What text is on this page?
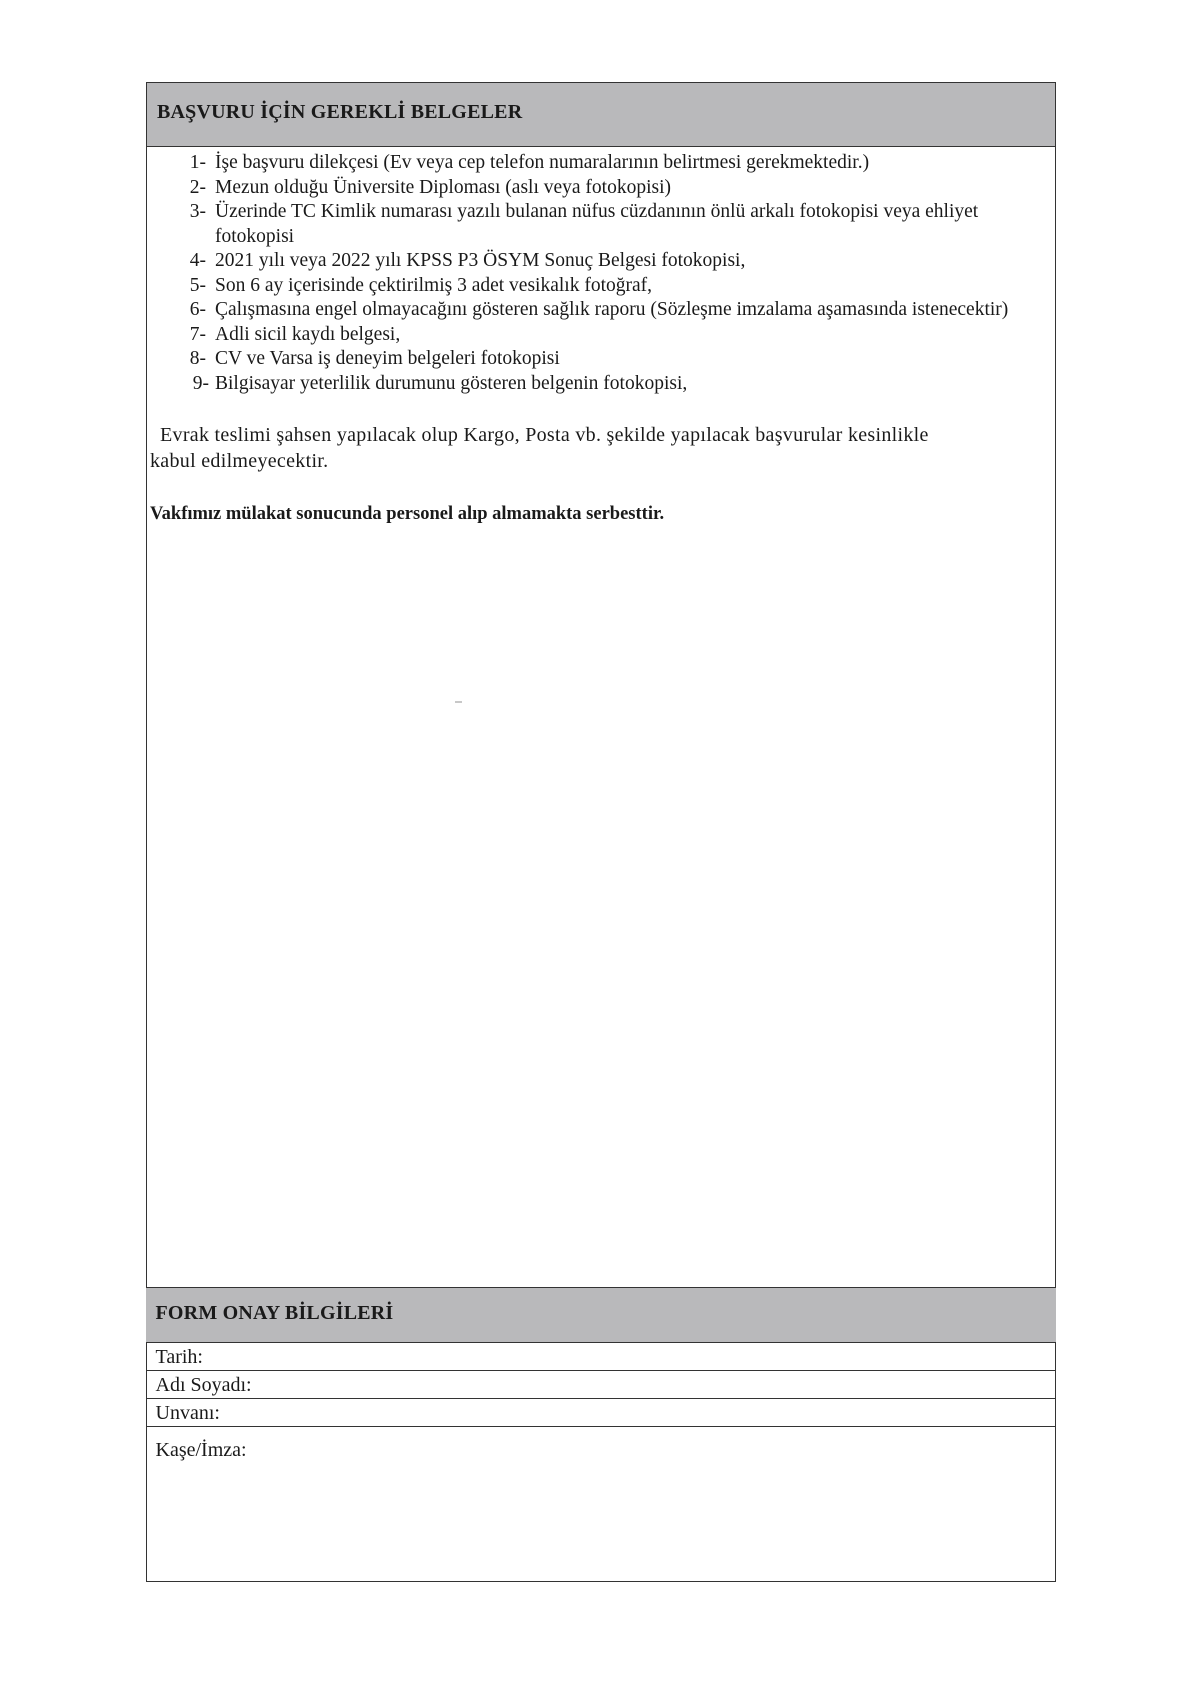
BAŞVURU İÇİN GEREKLİ BELGELER
1- İşe başvuru dilekçesi (Ev veya cep telefon numaralarının belirtmesi gerekmektedir.)
2- Mezun olduğu Üniversite Diploması (aslı veya fotokopisi)
3- Üzerinde TC Kimlik numarası yazılı bulanan nüfus cüzdanının önlü arkalı fotokopisi veya ehliyet fotokopisi
4- 2021 yılı veya 2022 yılı KPSS P3 ÖSYM Sonuç Belgesi fotokopisi,
5- Son 6 ay içerisinde çektirilmiş 3 adet vesikalık fotoğraf,
6- Çalışmasına engel olmayacağını gösteren sağlık raporu (Sözleşme imzalama aşamasında istenecektir)
7- Adli sicil kaydı belgesi,
8- CV ve Varsa iş deneyim belgeleri fotokopisi
9- Bilgisayar yeterlilik durumunu gösteren belgenin fotokopisi,
Evrak teslimi şahsen yapılacak olup Kargo, Posta vb. şekilde yapılacak başvurular kesinlikle
kabul edilmeyecektir.
Vakfımız mülakat sonucunda personel alıp almamakta serbesttir.
FORM ONAY BİLGİLERİ
Tarih:
Adı Soyadı:
Unvanı:
Kaşe/İmza:
